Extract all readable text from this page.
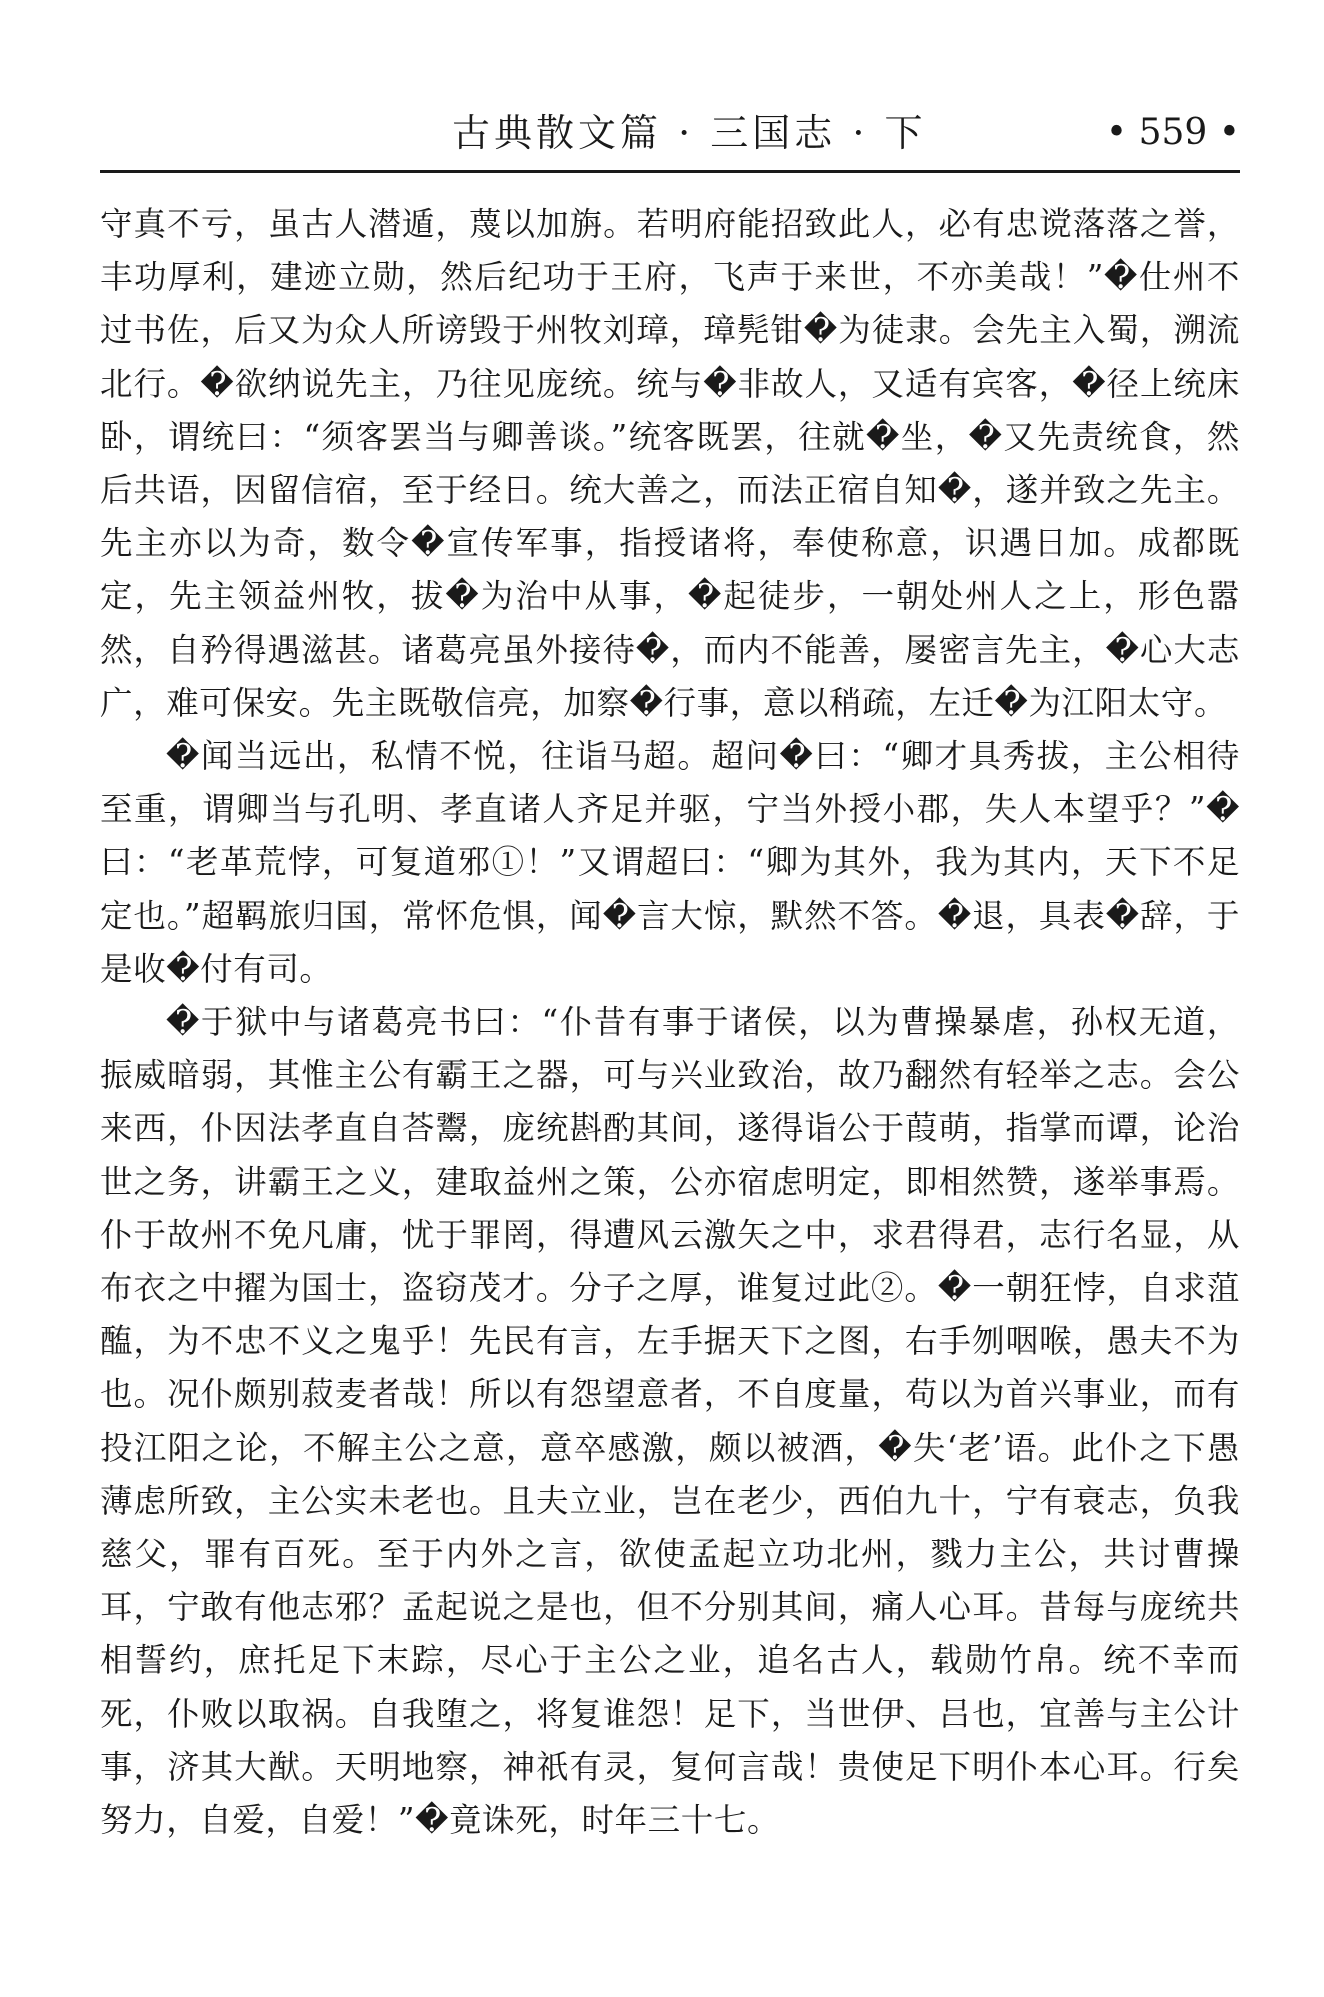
古典散文篇 · 三国志 · 下	• 559 •

守真不亏，虽古人潜遁，蔑以加旃。若明府能招致此人，必有忠谠落落之誉，丰功厚利，建迹立勋，然后纪功于王府，飞声于来世，不亦美哉！”�仕州不过书佐，后又为众人所谤毁于州牧刘璋，璋髡钳�为徒隶。会先主入蜀，溯流北行。�欲纳说先主，乃往见庞统。统与�非故人，又适有宾客，�径上统床卧，谓统曰：“须客罢当与卿善谈。”统客既罢，往就�坐，�又先责统食，然后共语，因留信宿，至于经日。统大善之，而法正宿自知�，遂并致之先主。先主亦以为奇，数令�宣传军事，指授诸将，奉使称意，识遇日加。成都既定，先主领益州牧，拔�为治中从事，�起徒步，一朝处州人之上，形色嚣然，自矜得遇滋甚。诸葛亮虽外接待�，而内不能善，屡密言先主，�心大志广，难可保安。先主既敬信亮，加察�行事，意以稍疏，左迁�为江阳太守。

�闻当远出，私情不悦，往诣马超。超问�曰：“卿才具秀拔，主公相待至重，谓卿当与孔明、孝直诸人齐足并驱，宁当外授小郡，失人本望乎？”�曰：“老革荒悖，可复道邪①！”又谓超曰：“卿为其外，我为其内，天下不足定也。”超羁旅归国，常怀危惧，闻�言大惊，默然不答。�退，具表�辞，于是收�付有司。

�于狱中与诸葛亮书曰：“仆昔有事于诸侯，以为曹操暴虐，孙权无道，振威暗弱，其惟主公有霸王之器，可与兴业致治，故乃翻然有轻举之志。会公来西，仆因法孝直自荅鬻，庞统斟酌其间，遂得诣公于葭萌，指掌而谭，论治世之务，讲霸王之义，建取益州之策，公亦宿虑明定，即相然赞，遂举事焉。仆于故州不免凡庸，忧于罪罔，得遭风云激矢之中，求君得君，志行名显，从布衣之中擢为国士，盗窃茂才。分子之厚，谁复过此②。�一朝狂悖，自求菹醢，为不忠不义之鬼乎！先民有言，左手据天下之图，右手刎咽喉，愚夫不为也。况仆颇别菽麦者哉！所以有怨望意者，不自度量，苟以为首兴事业，而有投江阳之论，不解主公之意，意卒感激，颇以被酒，�失‘老’语。此仆之下愚薄虑所致，主公实未老也。且夫立业，岂在老少，西伯九十，宁有衰志，负我慈父，罪有百死。至于内外之言，欲使孟起立功北州，戮力主公，共讨曹操耳，宁敢有他志邪？孟起说之是也，但不分别其间，痛人心耳。昔每与庞统共相誓约，庶托足下末踪，尽心于主公之业，追名古人，载勋竹帛。统不幸而死，仆败以取祸。自我堕之，将复谁怨！足下，当世伊、吕也，宜善与主公计事，济其大猷。天明地察，神祇有灵，复何言哉！贵使足下明仆本心耳。行矣努力，自爱，自爱！”�竟诛死，时年三十七。
